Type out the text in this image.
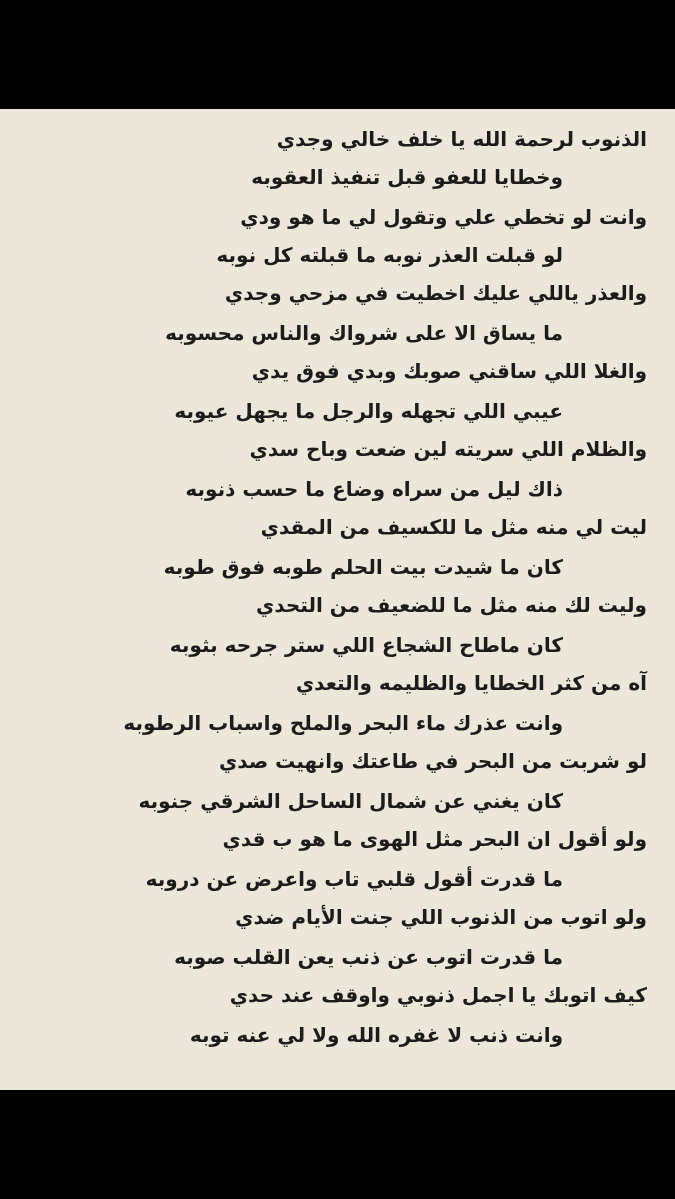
الذنوب لرحمة الله يا خلف خالي وجدي
وخطايا للعفو قبل تنفيذ العقوبه
وانت لو تخطي علي وتقول لي ما هو ودي
لو قبلت العذر نوبه ما قبلته كل نوبه
والعذر ياللي عليك اخطيت في مزحي وجدي
ما يساق الا على شرواك والناس محسوبه
والغلا اللي ساقني صوبك وبدي فوق يدي
عيبي اللي تجهله والرجل ما يجهل عيوبه
والظلام اللي سريته لين ضعت وباح سدي
ذاك ليل من سراه وضاع ما حسب ذنوبه
ليت لي منه مثل ما للكسيف من المقدي
كان ما شيدت بيت الحلم طوبه فوق طوبه
وليت لك منه مثل ما للضعيف من التحدي
كان ماطاح الشجاع اللي ستر جرحه بثوبه
آه من كثر الخطايا والظليمه والتعدي
وانت عذرك ماء البحر والملح واسباب الرطوبه
لو شربت من البحر في طاعتك وانهيت صدي
كان يغني عن شمال الساحل الشرقي جنوبه
ولو أقول ان البحر مثل الهوى ما هو ب قدي
ما قدرت أقول قلبي تاب واعرض عن دروبه
ولو اتوب من الذنوب اللي جنت الأيام ضدي
ما قدرت اتوب عن ذنب يعن القلب صوبه
كيف اتوبك يا اجمل ذنوبي واوقف عند حدي
وانت ذنب لا غفره الله ولا لي عنه توبه
